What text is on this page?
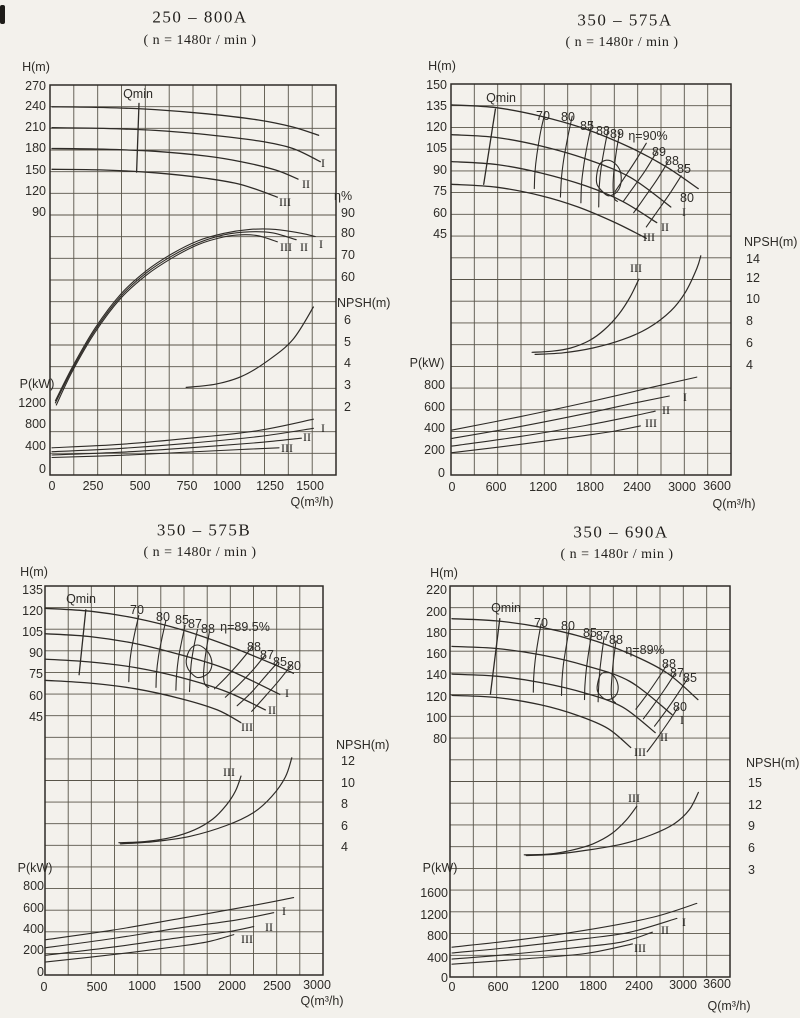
250 – 800A
( n = 1480r / min )
H(m)
270
240
210
180
150
120
90
η%
90
80
70
60
NPSH(m)
6
5
4
3
2
P(kW)
1200
800
400
0
0 250 500 750 1000 1250 1500
Q(m³/h)
Qmin
I
II
III
I
II
III
I
II
III
350 – 575A
( n = 1480r / min )
H(m)
150
135
120
105
90
75
60
45
Qmin
70 80
85 88 89 η=90%
89
88
85
80
I
II
III	NPSH(m)
14
12
10
8
6
4
III
P(kW)
800
600
400
200
0
I
II
III
0 600 1200 1800 2400 3000 3600
Q(m³/h)
350 – 575B
( n = 1480r / min )
H(m)
135
120
105
90
75
60
45
Qmin
70 80 85 87 88 η=89.5%
88
87 85 80
I
II
III
NPSH(m)
12
10
8
6
4
III
P(kW)
800
600
400
200
0
I
II
III
0	500 1000 1500 2000 2500 3000
Q(m³/h)
350 – 690A
( n = 1480r / min )
H(m)
220
200
180
160
140
120
100
80
Qmin
70 80 85 87 88
η=89%
88
87 85
80
I
II
III
NPSH(m)
15
12
9
6
3
III
P(kW)
1600
1200
800
400
0
I
II
III
0	600 1200 1800 2400 3000 3600
Q(m³/h)
